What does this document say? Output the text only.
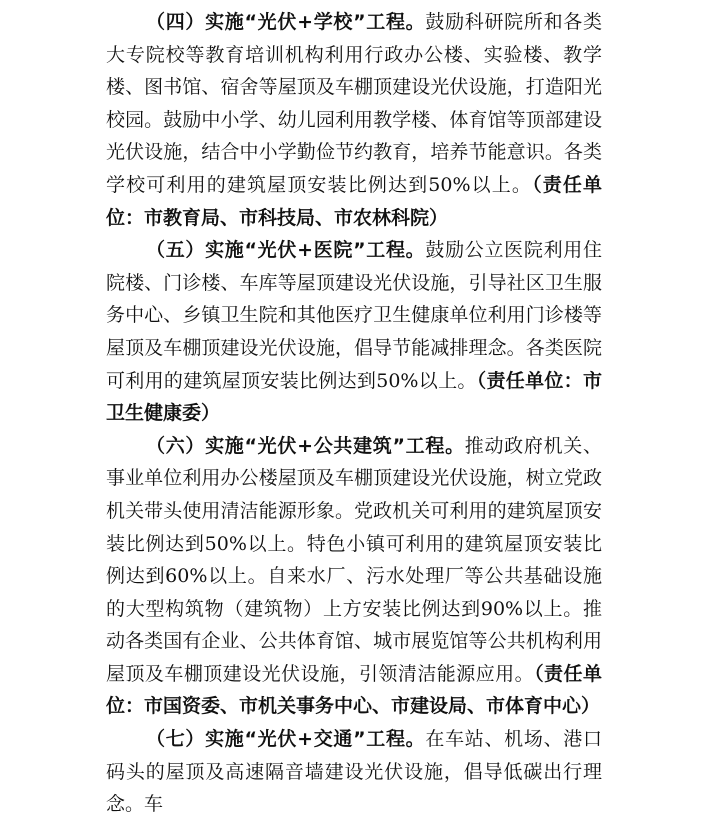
（四）实施“光伏+学校”工程。鼓励科研院所和各类大专院校等教育培训机构利用行政办公楼、实验楼、教学楼、图书馆、宿舍等屋顶及车棚顶建设光伏设施，打造阳光校园。鼓励中小学、幼儿园利用教学楼、体育馆等顶部建设光伏设施，结合中小学勤俭节约教育，培养节能意识。各类学校可利用的建筑屋顶安装比例达到50%以上。（责任单位：市教育局、市科技局、市农林科院）

（五）实施“光伏+医院”工程。鼓励公立医院利用住院楼、门诊楼、车库等屋顶建设光伏设施，引导社区卫生服务中心、乡镇卫生院和其他医疗卫生健康单位利用门诊楼等屋顶及车棚顶建设光伏设施，倡导节能减排理念。各类医院可利用的建筑屋顶安装比例达到50%以上。（责任单位：市卫生健康委）

（六）实施“光伏+公共建筑”工程。推动政府机关、事业单位利用办公楼屋顶及车棚顶建设光伏设施，树立党政机关带头使用清洁能源形象。党政机关可利用的建筑屋顶安装比例达到50%以上。特色小镇可利用的建筑屋顶安装比例达到60%以上。自来水厂、污水处理厂等公共基础设施的大型构筑物（建筑物）上方安装比例达到90%以上。推动各类国有企业、公共体育馆、城市展览馆等公共机构利用屋顶及车棚顶建设光伏设施，引领清洁能源应用。（责任单位：市国资委、市机关事务中心、市建设局、市体育中心）

（七）实施“光伏+交通”工程。在车站、机场、港口码头的屋顶及高速隔音墙建设光伏设施，倡导低碳出行理念。车
